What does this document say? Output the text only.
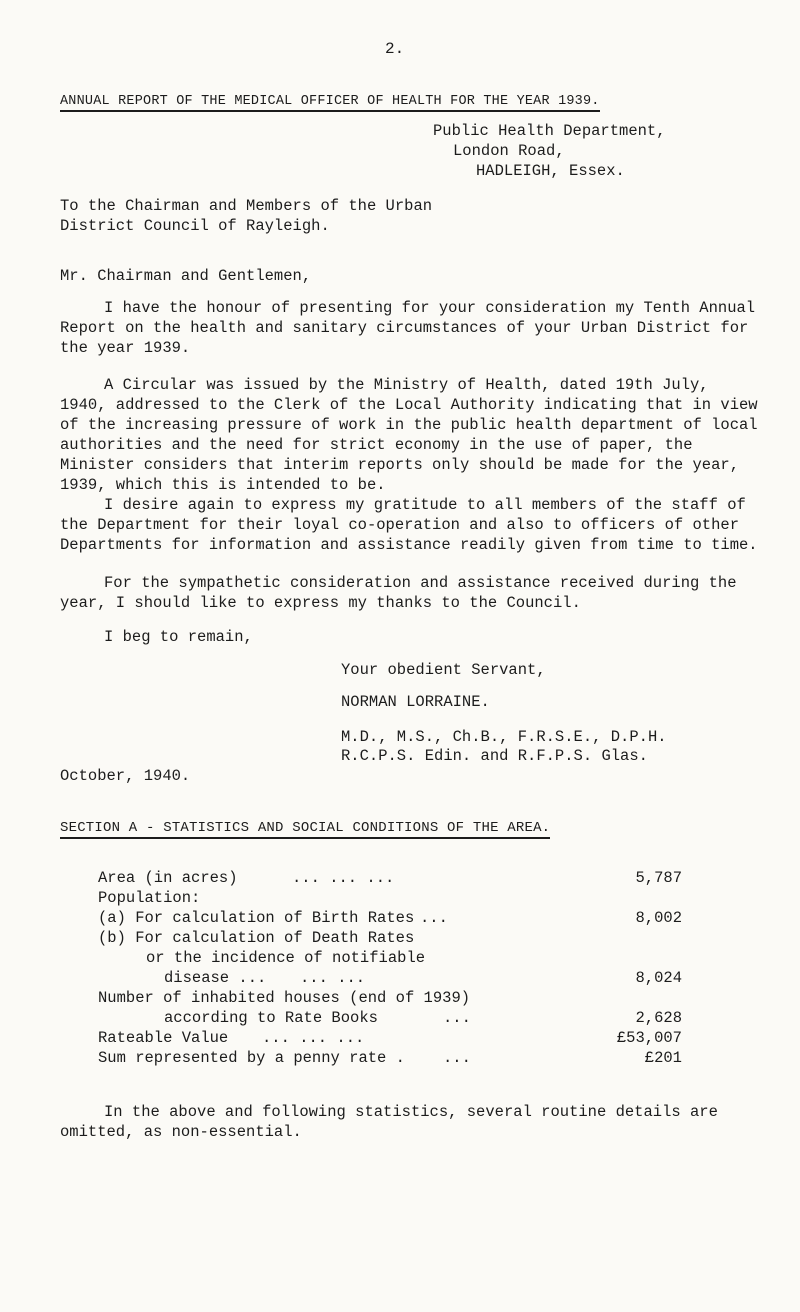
2.
ANNUAL REPORT OF THE MEDICAL OFFICER OF HEALTH FOR THE YEAR 1939.
Public Health Department,
London Road,
HADLEIGH, Essex.
To the Chairman and Members of the Urban
District Council of Rayleigh.
Mr. Chairman and Gentlemen,
I have the honour of presenting for your consideration my Tenth Annual Report on the health and sanitary circumstances of your Urban District for the year 1939.
A Circular was issued by the Ministry of Health, dated 19th July, 1940, addressed to the Clerk of the Local Authority indicating that in view of the increasing pressure of work in the public health department of local authorities and the need for strict economy in the use of paper, the Minister considers that interim reports only should be made for the year, 1939, which this is intended to be.
I desire again to express my gratitude to all members of the staff of the Department for their loyal co-operation and also to officers of other Departments for information and assistance readily given from time to time.
For the sympathetic consideration and assistance received during the year, I should like to express my thanks to the Council.
I beg to remain,
Your obedient Servant,
NORMAN LORRAINE.
M.D., M.S., Ch.B., F.R.S.E., D.P.H.
R.C.P.S. Edin. and R.F.P.S. Glas.
October, 1940.
SECTION A - STATISTICS AND SOCIAL CONDITIONS OF THE AREA.
Area (in acres)	... ... ...	5,787
Population:
(a) For calculation of Birth Rates ...	8,002
(b) For calculation of Death Rates
or the incidence of notifiable
disease ... ... ...	8,024
Number of inhabited houses (end of 1939)
according to Rate Books	...	2,628
Rateable Value ... ... ...	£53,007
Sum represented by a penny rate . ...	£201
In the above and following statistics, several routine details are omitted, as non-essential.
